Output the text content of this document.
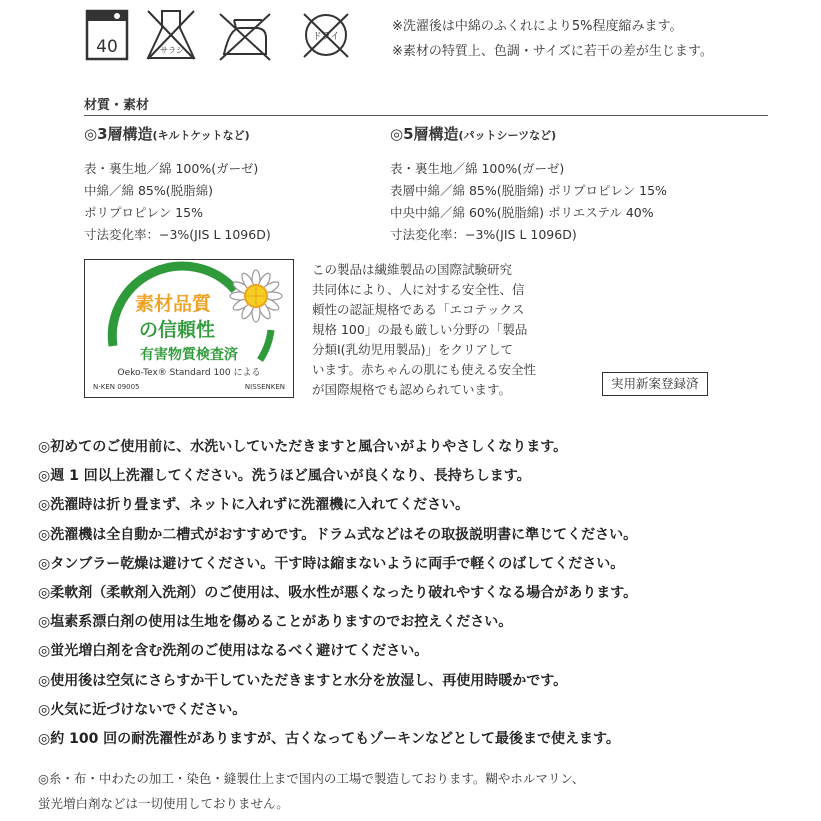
40	サラシ
ドライ
※洗濯後は中綿のふくれにより5%程度縮みます。
※素材の特質上、色調・サイズに若干の差が生じます。
材質・素材
◎3層構造(キルトケットなど)
表・裏生地／綿 100%(ガーゼ)
中綿／綿 85%(脱脂綿)
ポリプロピレン 15%
寸法変化率：−3%(JIS L 1096D)
◎5層構造(パットシーツなど)
表・裏生地／綿 100%(ガーゼ)
表層中綿／綿 85%(脱脂綿) ポリプロピレン 15%
中央中綿／綿 60%(脱脂綿) ポリエステル 40%
寸法変化率：−3%(JIS L 1096D)
素材品質
の信頼性
有害物質検査済
Oeko-Tex® Standard 100 による
N-KEN 09005	NISSENKEN
この製品は繊維製品の国際試験研究
共同体により、人に対する安全性、信
頼性の認証規格である「エコテックス
規格 100」の最も厳しい分野の「製品
分類Ⅰ(乳幼児用製品)」をクリアして
います。赤ちゃんの肌にも使える安全性
が国際規格でも認められています。	実用新案登録済
◎初めてのご使用前に、水洗いしていただきますと風合いがよりやさしくなります。
◎週 1 回以上洗濯してください。洗うほど風合いが良くなり、長持ちします。
◎洗濯時は折り畳まず、ネットに入れずに洗濯機に入れてください。
◎洗濯機は全自動か二槽式がおすすめです。ドラム式などはその取扱説明書に準じてください。
◎タンブラー乾燥は避けてください。干す時は縮まないように両手で軽くのばしてください。
◎柔軟剤（柔軟剤入洗剤）のご使用は、吸水性が悪くなったり破れやすくなる場合があります。
◎塩素系漂白剤の使用は生地を傷めることがありますのでお控えください。
◎蛍光増白剤を含む洗剤のご使用はなるべく避けてください。
◎使用後は空気にさらすか干していただきますと水分を放湿し、再使用時暖かです。
◎火気に近づけないでください。
◎約 100 回の耐洗濯性がありますが、古くなってもゾーキンなどとして最後まで使えます。
◎糸・布・中わたの加工・染色・縫製仕上まで国内の工場で製造しております。糊やホルマリン、
蛍光増白剤などは一切使用しておりません。
